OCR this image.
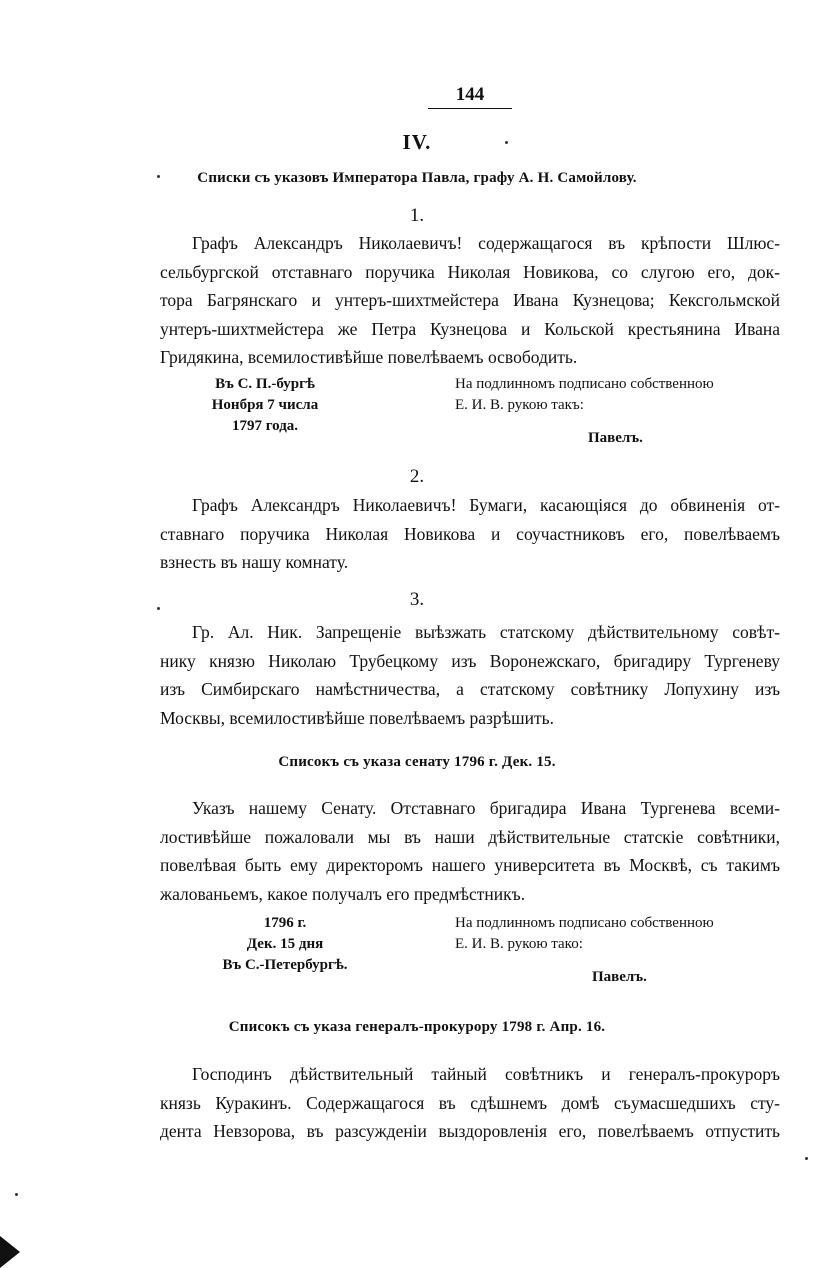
144
IV.
Списки съ указовъ Императора Павла, графу А. Н. Самойлову.
1.
Графъ Александръ Николаевичъ! содержащагося въ крѣпости Шлюс-
сельбургской отставнаго поручика Николая Новикова, со слугою его, док-
тора Багрянскаго и унтеръ-шихтмейстера Ивана Кузнецова; Кексгольмской
унтеръ-шихтмейстера же Петра Кузнецова и Кольской крестьянина Ивана
Гридякина, всемилостивѣйше повелѣваемъ освободить.
Въ С. П.-бургѣ
Нонбря 7 числа
1797 года.
На подлинномъ подписано собственною
Е. И. В. рукою такъ:
Павелъ.
2.
Графъ Александръ Николаевичъ! Бумаги, касающіяся до обвиненія от-
ставнаго поручика Николая Новикова и соучастниковъ его, повелѣваемъ
взнесть въ нашу комнату.
3.
Гр. Ал. Ник. Запрещеніе выѣзжать статскому дѣйствительному совѣт-
нику князю Николаю Трубецкому изъ Воронежскаго, бригадиру Тургеневу
изъ Симбирскаго намѣстничества, а статскому совѣтнику Лопухину изъ
Москвы, всемилостивѣйше повелѣваемъ разрѣшить.
Списокъ съ указа сенату 1796 г. Дек. 15.
Указъ нашему Сенату. Отставнаго бригадира Ивана Тургенева всеми-
лостивѣйше пожаловали мы въ наши дѣйствительные статскіе совѣтники,
повелѣвая быть ему директоромъ нашего университета въ Москвѣ, съ такимъ
жалованьемъ, какое получалъ его предмѣстникъ.
1796 г.
Дек. 15 дня
Въ С.-Петербургѣ.
На подлинномъ подписано собственною
Е. И. В. рукою тако:
Павелъ.
Списокъ съ указа генералъ-прокурору 1798 г. Апр. 16.
Господинъ дѣйствительный тайный совѣтникъ и генералъ-прокуроръ
князь Куракинъ. Содержащагося въ сдѣшнемъ домѣ съумасшедшихъ сту-
дента Невзорова, въ разсужденіи выздоровленія его, повелѣваемъ отпустить
